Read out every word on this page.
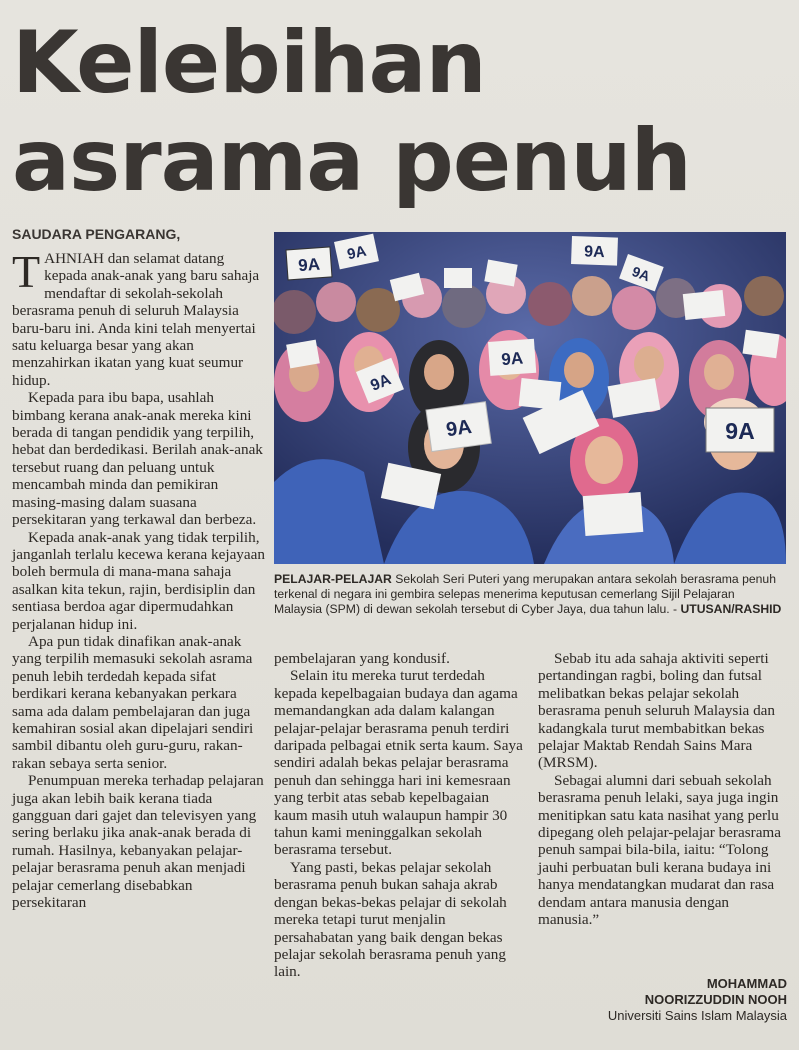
Kelebihan
asrama penuh

SAUDARA PENGARANG,

TAHNIAH dan selamat datang kepada anak-anak yang baru sahaja mendaftar di sekolah-sekolah berasrama penuh di seluruh Malaysia baru-baru ini. Anda kini telah menyertai satu keluarga besar yang akan menzahirkan ikatan yang kuat seumur hidup.

Kepada para ibu bapa, usahlah bimbang kerana anak-anak mereka kini berada di tangan pendidik yang terpilih, hebat dan berdedikasi. Berilah anak-anak tersebut ruang dan peluang untuk mencambah minda dan pemikiran masing-masing dalam suasana persekitaran yang terkawal dan berbeza.

Kepada anak-anak yang tidak terpilih, janganlah terlalu kecewa kerana kejayaan boleh bermula di mana-mana sahaja asalkan kita tekun, rajin, berdisiplin dan sentiasa berdoa agar dipermudahkan perjalanan hidup ini.

Apa pun tidak dinafikan anak-anak yang terpilih memasuki sekolah asrama penuh lebih terdedah kepada sifat berdikari kerana kebanyakan perkara sama ada dalam pembelajaran dan juga kemahiran sosial akan dipelajari sendiri sambil dibantu oleh guru-guru, rakan-rakan sebaya serta senior.

Penumpuan mereka terhadap pelajaran juga akan lebih baik kerana tiada gangguan dari gajet dan televisyen yang sering berlaku jika anak-anak berada di rumah. Hasilnya, kebanyakan pelajar-pelajar berasrama penuh akan menjadi pelajar cemerlang disebabkan persekitaran

9A
9A	9A
9A
9A
9A
9A	9A

PELAJAR-PELAJAR Sekolah Seri Puteri yang merupakan antara sekolah berasrama penuh terkenal di negara ini gembira selepas menerima keputusan cemerlang Sijil Pelajaran Malaysia (SPM) di dewan sekolah tersebut di Cyber Jaya, dua tahun lalu. - UTUSAN/RASHID

pembelajaran yang kondusif.

Selain itu mereka turut terdedah kepada kepelbagaian budaya dan agama memandangkan ada dalam kalangan pelajar-pelajar berasrama penuh terdiri daripada pelbagai etnik serta kaum. Saya sendiri adalah bekas pelajar berasrama penuh dan sehingga hari ini kemesraan yang terbit atas sebab kepelbagaian kaum masih utuh walaupun hampir 30 tahun kami meninggalkan sekolah berasrama tersebut.

Yang pasti, bekas pelajar sekolah berasrama penuh bukan sahaja akrab dengan bekas-bekas pelajar di sekolah mereka tetapi turut menjalin persahabatan yang baik dengan bekas pelajar sekolah berasrama penuh yang lain.

Sebab itu ada sahaja aktiviti seperti pertandingan ragbi, boling dan futsal melibatkan bekas pelajar sekolah berasrama penuh seluruh Malaysia dan kadangkala turut membabitkan bekas pelajar Maktab Rendah Sains Mara (MRSM).

Sebagai alumni dari sebuah sekolah berasrama penuh lelaki, saya juga ingin menitipkan satu kata nasihat yang perlu dipegang oleh pelajar-pelajar berasrama penuh sampai bila-bila, iaitu: “Tolong jauhi perbuatan buli kerana budaya ini hanya mendatangkan mudarat dan rasa dendam antara manusia dengan manusia.”

MOHAMMAD
NOORIZZUDDIN NOOH
Universiti Sains Islam Malaysia
